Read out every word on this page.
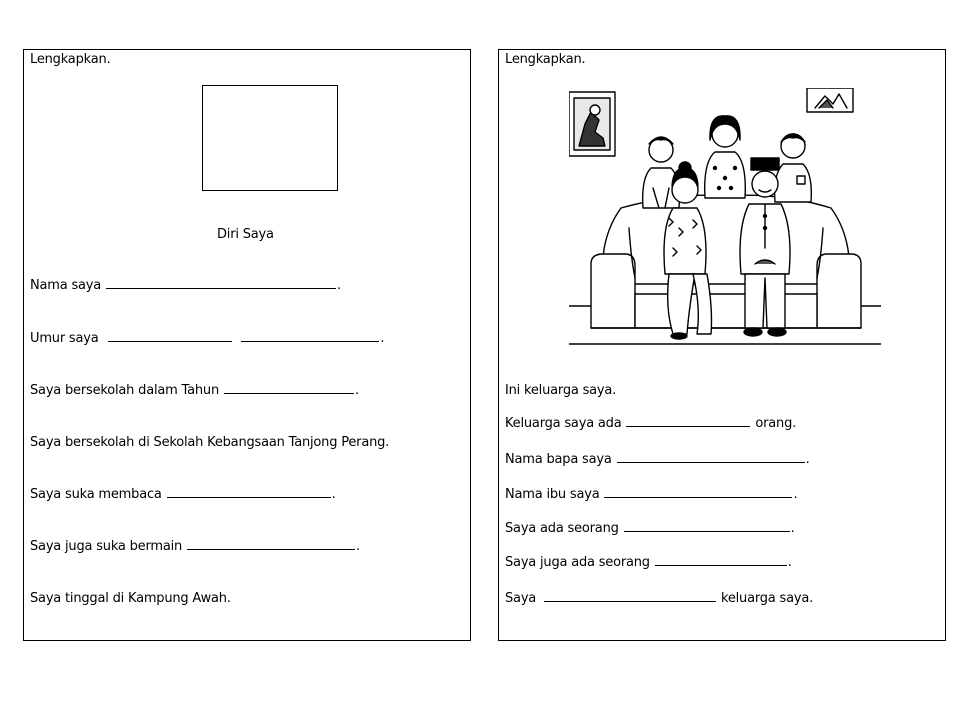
Lengkapkan.
Diri Saya
Nama saya	.
Umur saya	.
Saya bersekolah dalam Tahun	.
Saya bersekolah di Sekolah Kebangsaan Tanjong Perang.
Saya suka membaca	.
Saya juga suka bermain	.
Saya tinggal di Kampung Awah.
Lengkapkan.
Ini keluarga saya.
Keluarga saya ada	orang.
Nama bapa saya	.
Nama ibu saya	.
Saya ada seorang	.
Saya juga ada seorang	.
Saya	keluarga saya.
